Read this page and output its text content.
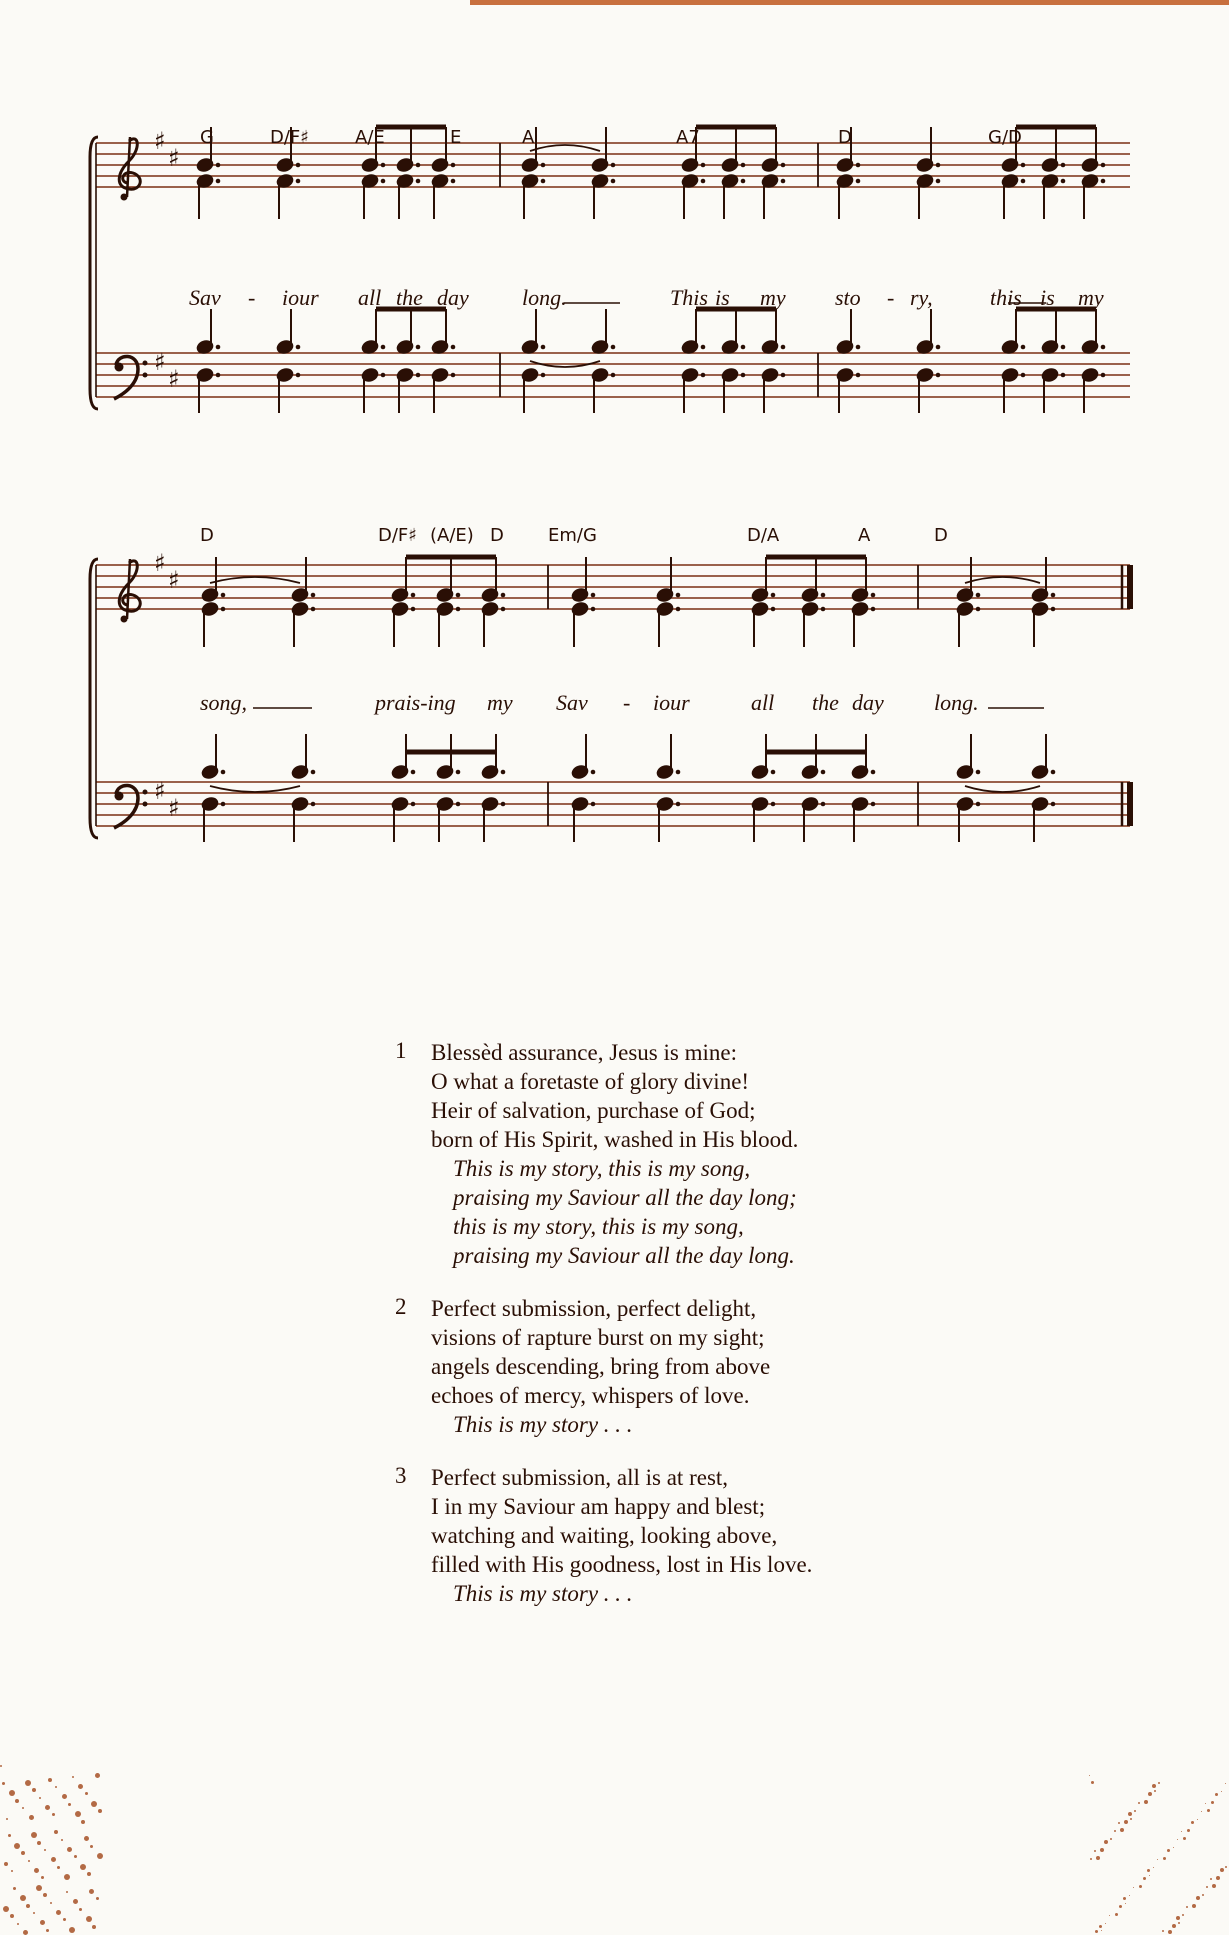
♯
♯
♯
♯
♯
♯
♯
♯
G	D/F♯	A/E	E	A	A7	D	G/D
Sav - iour all the day long.	This is my sto - ry,	this is my
D	D/F♯ (A/E) D Em/G	D/A	A	D
song,	prais-ing my Sav - iour	all the day long.
1 Blessèd assurance, Jesus is mine:
O what a foretaste of glory divine!
Heir of salvation, purchase of God;
born of His Spirit, washed in His blood.
This is my story, this is my song,
praising my Saviour all the day long;
this is my story, this is my song,
praising my Saviour all the day long.
2 Perfect submission, perfect delight,
visions of rapture burst on my sight;
angels descending, bring from above
echoes of mercy, whispers of love.
This is my story . . .
3 Perfect submission, all is at rest,
I in my Saviour am happy and blest;
watching and waiting, looking above,
filled with His goodness, lost in His love.
This is my story . . .
